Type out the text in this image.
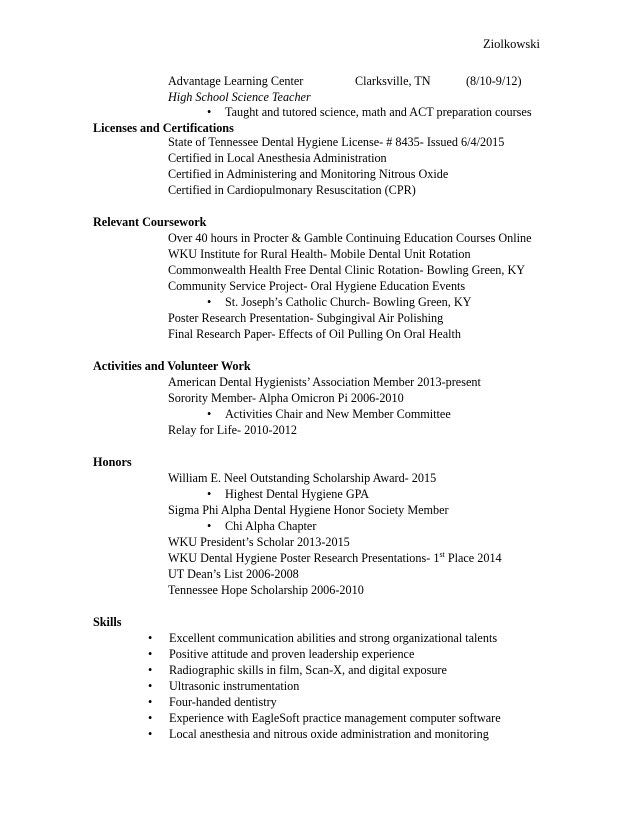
Ziolkowski
Advantage Learning Center	Clarksville, TN	(8/10-9/12)
High School Science Teacher
• Taught and tutored science, math and ACT preparation courses
Licenses and Certifications
State of Tennessee Dental Hygiene License- # 8435- Issued 6/4/2015
Certified in Local Anesthesia Administration
Certified in Administering and Monitoring Nitrous Oxide
Certified in Cardiopulmonary Resuscitation (CPR)
Relevant Coursework
Over 40 hours in Procter & Gamble Continuing Education Courses Online
WKU Institute for Rural Health- Mobile Dental Unit Rotation
Commonwealth Health Free Dental Clinic Rotation- Bowling Green, KY
Community Service Project- Oral Hygiene Education Events
• St. Joseph’s Catholic Church- Bowling Green, KY
Poster Research Presentation- Subgingival Air Polishing
Final Research Paper- Effects of Oil Pulling On Oral Health
Activities and Volunteer Work
American Dental Hygienists’ Association Member 2013-present
Sorority Member- Alpha Omicron Pi 2006-2010
• Activities Chair and New Member Committee
Relay for Life- 2010-2012
Honors
William E. Neel Outstanding Scholarship Award- 2015
• Highest Dental Hygiene GPA
Sigma Phi Alpha Dental Hygiene Honor Society Member
• Chi Alpha Chapter
WKU President’s Scholar 2013-2015
WKU Dental Hygiene Poster Research Presentations- 1st Place 2014
UT Dean’s List 2006-2008
Tennessee Hope Scholarship 2006-2010
Skills
• Excellent communication abilities and strong organizational talents
• Positive attitude and proven leadership experience
• Radiographic skills in film, Scan-X, and digital exposure
• Ultrasonic instrumentation
• Four-handed dentistry
• Experience with EagleSoft practice management computer software
• Local anesthesia and nitrous oxide administration and monitoring
